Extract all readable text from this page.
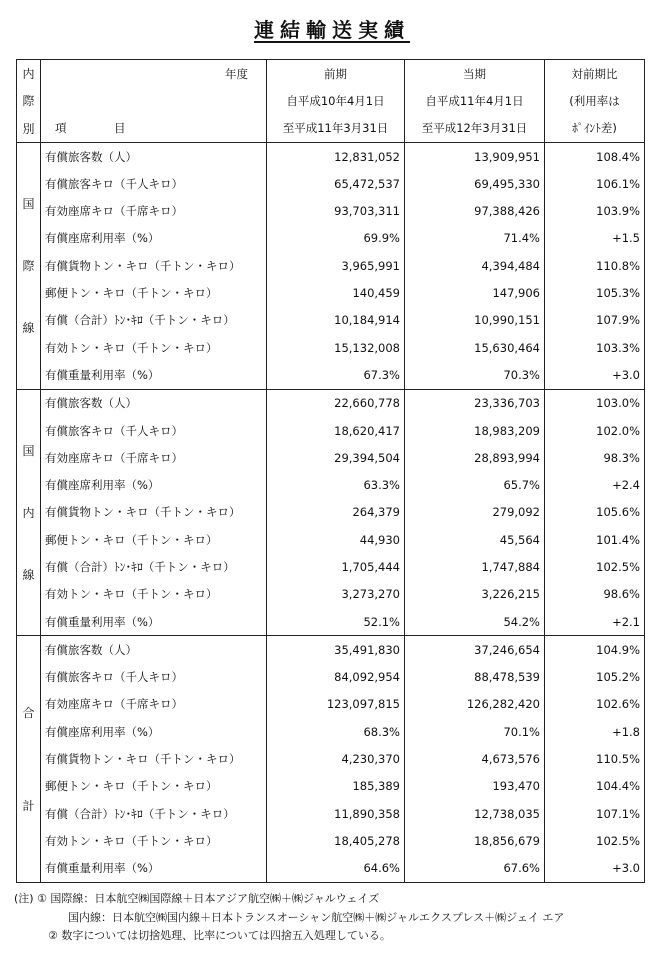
連結輸送実績
内	年度	前期	当期	対前期比
際		自平成10年4月1日	自平成11年4月1日	(利用率は
別	項　目	至平成11年3月31日	至平成12年3月31日	ﾎﾟｲﾝﾄ差)

国
際
線	有償旅客数（人）	12,831,052	13,909,951	108.4%
	有償旅客キロ（千人キロ）	65,472,537	69,495,330	106.1%
	有効座席キロ（千席キロ）	93,703,311	97,388,426	103.9%
	有償座席利用率（%）	69.9%	71.4%	+1.5
	有償貨物トン・キロ（千トン・キロ）	3,965,991	4,394,484	110.8%
	郵便トン・キロ（千トン・キロ）	140,459	147,906	105.3%
	有償（合計）ﾄﾝ･ｷﾛ（千トン・キロ）	10,184,914	10,990,151	107.9%
	有効トン・キロ（千トン・キロ）	15,132,008	15,630,464	103.3%
	有償重量利用率（%）	67.3%	70.3%	+3.0

国
内
線	有償旅客数（人）	22,660,778	23,336,703	103.0%
	有償旅客キロ（千人キロ）	18,620,417	18,983,209	102.0%
	有効座席キロ（千席キロ）	29,394,504	28,893,994	98.3%
	有償座席利用率（%）	63.3%	65.7%	+2.4
	有償貨物トン・キロ（千トン・キロ）	264,379	279,092	105.6%
	郵便トン・キロ（千トン・キロ）	44,930	45,564	101.4%
	有償（合計）ﾄﾝ･ｷﾛ（千トン・キロ）	1,705,444	1,747,884	102.5%
	有効トン・キロ（千トン・キロ）	3,273,270	3,226,215	98.6%
	有償重量利用率（%）	52.1%	54.2%	+2.1

合
計	有償旅客数（人）	35,491,830	37,246,654	104.9%
	有償旅客キロ（千人キロ）	84,092,954	88,478,539	105.2%
	有効座席キロ（千席キロ）	123,097,815	126,282,420	102.6%
	有償座席利用率（%）	68.3%	70.1%	+1.8
	有償貨物トン・キロ（千トン・キロ）	4,230,370	4,673,576	110.5%
	郵便トン・キロ（千トン・キロ）	185,389	193,470	104.4%
	有償（合計）ﾄﾝ･ｷﾛ（千トン・キロ）	11,890,358	12,738,035	107.1%
	有効トン・キロ（千トン・キロ）	18,405,278	18,856,679	102.5%
	有償重量利用率（%）	64.6%	67.6%	+3.0
(注) ① 国際線：日本航空㈱国際線＋日本アジア航空㈱＋㈱ジャルウェイズ
国内線：日本航空㈱国内線＋日本トランスオーシャン航空㈱＋㈱ジャルエクスプレス＋㈱ジェイ エア
② 数字については切捨処理、比率については四捨五入処理している。
